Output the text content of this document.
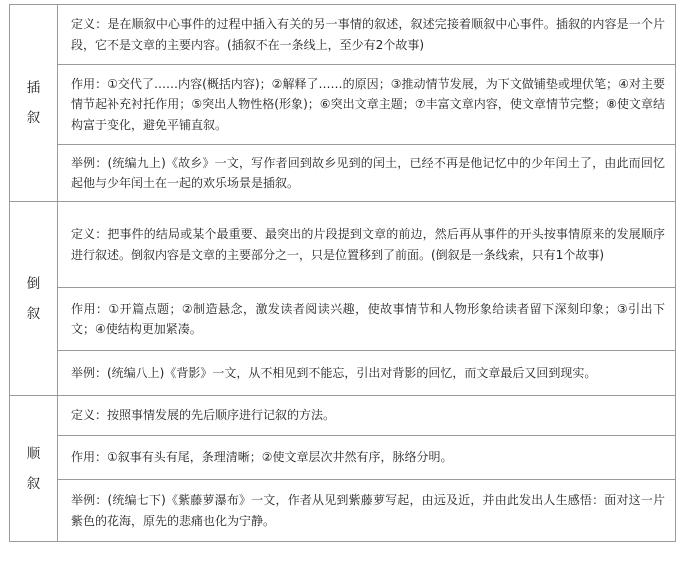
插叙	定义：是在顺叙中心事件的过程中插入有关的另一事情的叙述，叙述完接着顺叙中心事件。插叙的内容是一个片段，它不是文章的主要内容。(插叙不在一条线上，至少有2个故事)
	作用：①交代了……内容(概括内容)；②解释了……的原因；③推动情节发展，为下文做铺垫或埋伏笔；④对主要情节起补充衬托作用；⑤突出人物性格(形象)；⑥突出文章主题；⑦丰富文章内容，使文章情节完整；⑧使文章结构富于变化，避免平铺直叙。
	举例：(统编九上)《故乡》一文，写作者回到故乡见到的闰土，已经不再是他记忆中的少年闰土了，由此而回忆起他与少年闰土在一起的欢乐场景是插叙。
倒叙	定义：把事件的结局或某个最重要、最突出的片段提到文章的前边，然后再从事件的开头按事情原来的发展顺序进行叙述。倒叙内容是文章的主要部分之一，只是位置移到了前面。(倒叙是一条线索，只有1个故事)
	作用：①开篇点题；②制造悬念，激发读者阅读兴趣，使故事情节和人物形象给读者留下深刻印象；③引出下文；④使结构更加紧凑。
	举例：(统编八上)《背影》一文，从不相见到不能忘，引出对背影的回忆，而文章最后又回到现实。
顺叙	定义：按照事情发展的先后顺序进行记叙的方法。
	作用：①叙事有头有尾，条理清晰；②使文章层次井然有序，脉络分明。
	举例：(统编七下)《紫藤萝瀑布》一文，作者从见到紫藤萝写起，由远及近，并由此发出人生感悟：面对这一片紫色的花海，原先的悲痛也化为宁静。
